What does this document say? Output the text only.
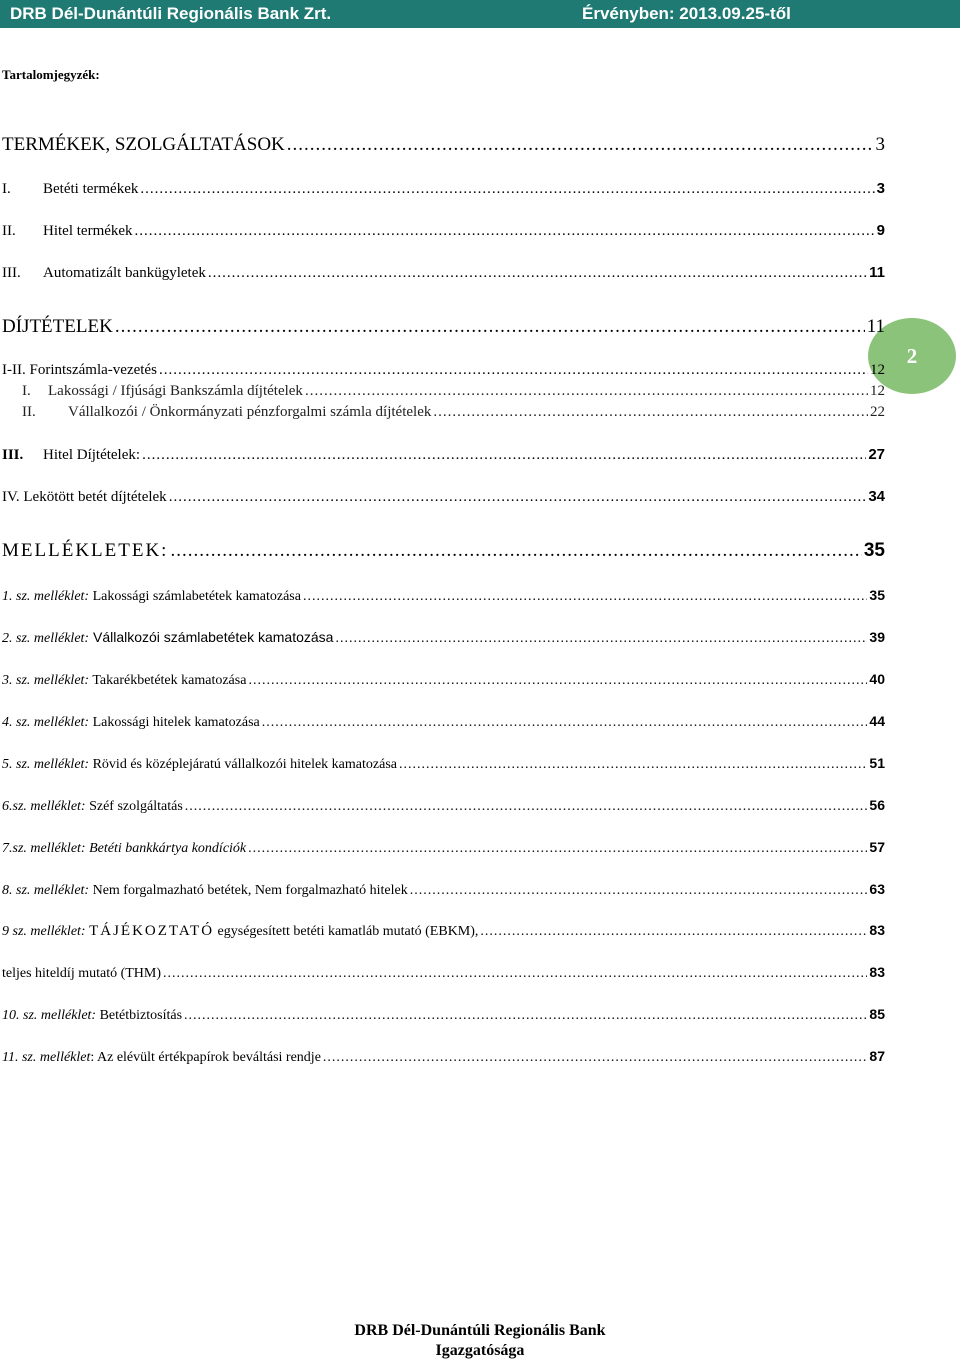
DRB Dél-Dunántúli Regionális Bank Zrt.	Érvényben: 2013.09.25-től
Tartalomjegyzék:
2
TERMÉKEK, SZOLGÁLTATÁSOK .....	3
I. Betéti termékek .....	3
II. Hitel termékek .....	9
III. Automatizált bankügyletek .....	11
DÍJTÉTELEK .....	11
I-II. Forintszámla-vezetés .....	12
I. Lakossági / Ifjúsági Bankszámla díjtételek .....	12
II. Vállalkozói / Önkormányzati pénzforgalmi számla díjtételek .....	22
III. Hitel Díjtételek: .....	27
IV. Lekötött betét díjtételek .....	34
MELLÉKLETEK: .....	35
1. sz. melléklet: Lakossági számlabetétek kamatozása .....	35
2. sz. melléklet: Vállalkozói számlabetétek kamatozása .....	39
3. sz. melléklet: Takarékbetétek kamatozása .....	40
4. sz. melléklet: Lakossági hitelek kamatozása .....	44
5. sz. melléklet: Rövid és középlejáratú vállalkozói hitelek kamatozása .....	51
6.sz. melléklet: Széf szolgáltatás .....	56
7.sz. melléklet: Betéti bankkártya kondíciók .....	57
8. sz. melléklet: Nem forgalmazható betétek, Nem forgalmazható hitelek .....	63
9 sz. melléklet: TÁJÉKOZTATÓ egységesített betéti kamatláb mutató (EBKM), .....	83
teljes hiteldíj mutató (THM) .....	83
10. sz. melléklet: Betétbiztosítás .....	85
11. sz. melléklet: Az elévült értékpapírok beváltási rendje .....	87
DRB Dél-Dunántúli Regionális Bank
Igazgatósága
